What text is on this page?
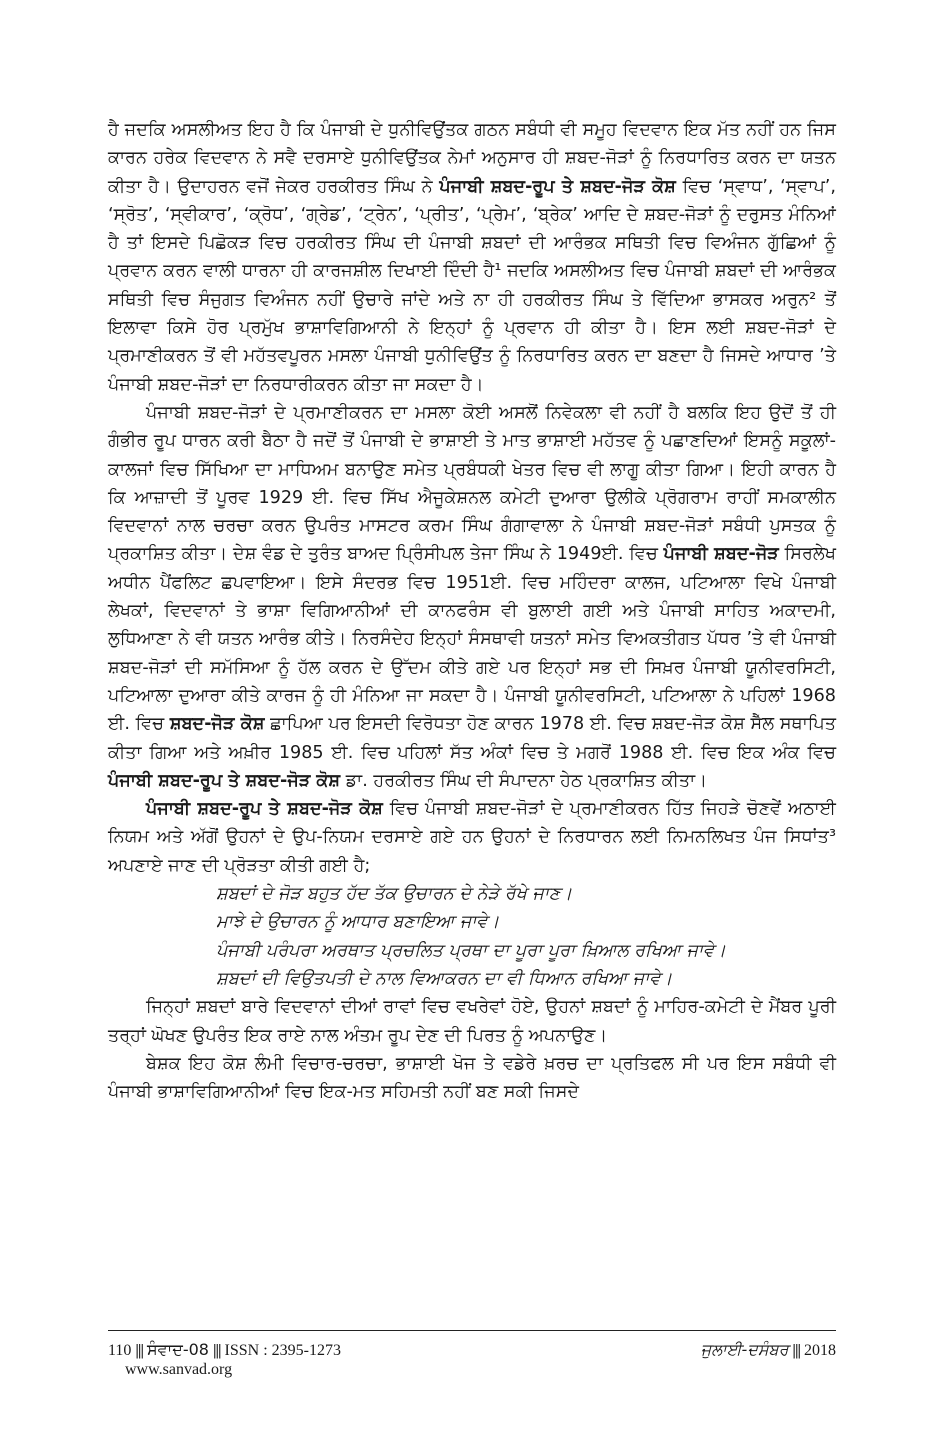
ਹੈ ਜਦਕਿ ਅਸਲੀਅਤ ਇਹ ਹੈ ਕਿ ਪੰਜਾਬੀ ਦੇ ਧੁਨੀਵਿਉਂਤਕ ਗਠਨ ਸਬੰਧੀ ਵੀ ਸਮੂਹ ਵਿਦਵਾਨ ਇਕ ਮੱਤ ਨਹੀਂ ਹਨ ਜਿਸ ਕਾਰਨ ਹਰੇਕ ਵਿਦਵਾਨ ਨੇ ਸਵੈ ਦਰਸਾਏ ਧੁਨੀਵਿਉਂਤਕ ਨੇਮਾਂ ਅਨੁਸਾਰ ਹੀ ਸ਼ਬਦ-ਜੋੜਾਂ ਨੂੰ ਨਿਰਧਾਰਿਤ ਕਰਨ ਦਾ ਯਤਨ ਕੀਤਾ ਹੈ। ਉਦਾਹਰਨ ਵਜੋਂ ਜੇਕਰ ਹਰਕੀਰਤ ਸਿੰਘ ਨੇ ਪੰਜਾਬੀ ਸ਼ਬਦ-ਰੂਪ ਤੇ ਸ਼ਬਦ-ਜੋੜ ਕੋਸ਼ ਵਿਚ ‘ਸ੍ਵਾਧ’, ‘ਸ੍ਵਾਪ’, ‘ਸ੍ਰੋਤ’, ‘ਸ੍ਵੀਕਾਰ’, ‘ਕ੍ਰੋਧ’, ‘ਗ੍ਰੇਡ’, ‘ਟ੍ਰੇਨ’, ‘ਪ੍ਰੀਤ’, ‘ਪ੍ਰੇਮ’, ‘ਬ੍ਰੇਕ’ ਆਦਿ ਦੇ ਸ਼ਬਦ-ਜੋੜਾਂ ਨੂੰ ਦਰੁਸਤ ਮੰਨਿਆਂ ਹੈ ਤਾਂ ਇਸਦੇ ਪਿਛੋਕੜ ਵਿਚ ਹਰਕੀਰਤ ਸਿੰਘ ਦੀ ਪੰਜਾਬੀ ਸ਼ਬਦਾਂ ਦੀ ਆਰੰਭਕ ਸਥਿਤੀ ਵਿਚ ਵਿਅੰਜਨ ਗੁੱਛਿਆਂ ਨੂੰ ਪ੍ਰਵਾਨ ਕਰਨ ਵਾਲੀ ਧਾਰਨਾ ਹੀ ਕਾਰਜਸ਼ੀਲ ਦਿਖਾਈ ਦਿੰਦੀ ਹੈ¹ ਜਦਕਿ ਅਸਲੀਅਤ ਵਿਚ ਪੰਜਾਬੀ ਸ਼ਬਦਾਂ ਦੀ ਆਰੰਭਕ ਸਥਿਤੀ ਵਿਚ ਸੰਜੁਗਤ ਵਿਅੰਜਨ ਨਹੀਂ ਉਚਾਰੇ ਜਾਂਦੇ ਅਤੇ ਨਾ ਹੀ ਹਰਕੀਰਤ ਸਿੰਘ ਤੇ ਵਿੱਦਿਆ ਭਾਸਕਰ ਅਰੁਨ² ਤੋਂ ਇਲਾਵਾ ਕਿਸੇ ਹੋਰ ਪ੍ਰਮੁੱਖ ਭਾਸ਼ਾਵਿਗਿਆਨੀ ਨੇ ਇਨ੍ਹਾਂ ਨੂੰ ਪ੍ਰਵਾਨ ਹੀ ਕੀਤਾ ਹੈ। ਇਸ ਲਈ ਸ਼ਬਦ-ਜੋੜਾਂ ਦੇ ਪ੍ਰਮਾਣੀਕਰਨ ਤੋਂ ਵੀ ਮਹੱਤਵਪੂਰਨ ਮਸਲਾ ਪੰਜਾਬੀ ਧੁਨੀਵਿਉਂਤ ਨੂੰ ਨਿਰਧਾਰਿਤ ਕਰਨ ਦਾ ਬਣਦਾ ਹੈ ਜਿਸਦੇ ਆਧਾਰ ’ਤੇ ਪੰਜਾਬੀ ਸ਼ਬਦ-ਜੋੜਾਂ ਦਾ ਨਿਰਧਾਰੀਕਰਨ ਕੀਤਾ ਜਾ ਸਕਦਾ ਹੈ।

ਪੰਜਾਬੀ ਸ਼ਬਦ-ਜੋੜਾਂ ਦੇ ਪ੍ਰਮਾਣੀਕਰਨ ਦਾ ਮਸਲਾ ਕੋਈ ਅਸਲੋਂ ਨਿਵੇਕਲਾ ਵੀ ਨਹੀਂ ਹੈ ਬਲਕਿ ਇਹ ਉਦੋਂ ਤੋਂ ਹੀ ਗੰਭੀਰ ਰੂਪ ਧਾਰਨ ਕਰੀ ਬੈਠਾ ਹੈ ਜਦੋਂ ਤੋਂ ਪੰਜਾਬੀ ਦੇ ਭਾਸ਼ਾਈ ਤੇ ਮਾਤ ਭਾਸ਼ਾਈ ਮਹੱਤਵ ਨੂੰ ਪਛਾਣਦਿਆਂ ਇਸਨੂੰ ਸਕੂਲਾਂ-ਕਾਲਜਾਂ ਵਿਚ ਸਿੱਖਿਆ ਦਾ ਮਾਧਿਅਮ ਬਨਾਉਣ ਸਮੇਤ ਪ੍ਰਬੰਧਕੀ ਖੇਤਰ ਵਿਚ ਵੀ ਲਾਗੂ ਕੀਤਾ ਗਿਆ। ਇਹੀ ਕਾਰਨ ਹੈ ਕਿ ਆਜ਼ਾਦੀ ਤੋਂ ਪੂਰਵ 1929 ਈ. ਵਿਚ ਸਿੱਖ ਐਜੂਕੇਸ਼ਨਲ ਕਮੇਟੀ ਦੁਆਰਾ ਉਲੀਕੇ ਪ੍ਰੋਗਰਾਮ ਰਾਹੀਂ ਸਮਕਾਲੀਨ ਵਿਦਵਾਨਾਂ ਨਾਲ ਚਰਚਾ ਕਰਨ ਉਪਰੰਤ ਮਾਸਟਰ ਕਰਮ ਸਿੰਘ ਗੰਗਾਵਾਲਾ ਨੇ ਪੰਜਾਬੀ ਸ਼ਬਦ-ਜੋੜਾਂ ਸਬੰਧੀ ਪੁਸਤਕ ਨੂੰ ਪ੍ਰਕਾਸ਼ਿਤ ਕੀਤਾ। ਦੇਸ਼ ਵੰਡ ਦੇ ਤੁਰੰਤ ਬਾਅਦ ਪ੍ਰਿੰਸੀਪਲ ਤੇਜਾ ਸਿੰਘ ਨੇ 1949ਈ. ਵਿਚ ਪੰਜਾਬੀ ਸ਼ਬਦ-ਜੋੜ ਸਿਰਲੇਖ ਅਧੀਨ ਪੈਂਫਲਿਟ ਛਪਵਾਇਆ। ਇਸੇ ਸੰਦਰਭ ਵਿਚ 1951ਈ. ਵਿਚ ਮਹਿੰਦਰਾ ਕਾਲਜ, ਪਟਿਆਲਾ ਵਿਖੇ ਪੰਜਾਬੀ ਲੇਖਕਾਂ, ਵਿਦਵਾਨਾਂ ਤੇ ਭਾਸ਼ਾ ਵਿਗਿਆਨੀਆਂ ਦੀ ਕਾਨਫਰੰਸ ਵੀ ਬੁਲਾਈ ਗਈ ਅਤੇ ਪੰਜਾਬੀ ਸਾਹਿਤ ਅਕਾਦਮੀ, ਲੁਧਿਆਣਾ ਨੇ ਵੀ ਯਤਨ ਆਰੰਭ ਕੀਤੇ। ਨਿਰਸੰਦੇਹ ਇਨ੍ਹਾਂ ਸੰਸਥਾਵੀ ਯਤਨਾਂ ਸਮੇਤ ਵਿਅਕਤੀਗਤ ਪੱਧਰ ’ਤੇ ਵੀ ਪੰਜਾਬੀ ਸ਼ਬਦ-ਜੋੜਾਂ ਦੀ ਸਮੱਸਿਆ ਨੂੰ ਹੱਲ ਕਰਨ ਦੇ ਉੱਦਮ ਕੀਤੇ ਗਏ ਪਰ ਇਨ੍ਹਾਂ ਸਭ ਦੀ ਸਿਖ਼ਰ ਪੰਜਾਬੀ ਯੂਨੀਵਰਸਿਟੀ, ਪਟਿਆਲਾ ਦੁਆਰਾ ਕੀਤੇ ਕਾਰਜ ਨੂੰ ਹੀ ਮੰਨਿਆ ਜਾ ਸਕਦਾ ਹੈ। ਪੰਜਾਬੀ ਯੂਨੀਵਰਸਿਟੀ, ਪਟਿਆਲਾ ਨੇ ਪਹਿਲਾਂ 1968 ਈ. ਵਿਚ ਸ਼ਬਦ-ਜੋੜ ਕੋਸ਼ ਛਾਪਿਆ ਪਰ ਇਸਦੀ ਵਿਰੋਧਤਾ ਹੋਣ ਕਾਰਨ 1978 ਈ. ਵਿਚ ਸ਼ਬਦ-ਜੋੜ ਕੋਸ਼ ਸੈੱਲ ਸਥਾਪਿਤ ਕੀਤਾ ਗਿਆ ਅਤੇ ਅਖ਼ੀਰ 1985 ਈ. ਵਿਚ ਪਹਿਲਾਂ ਸੱਤ ਅੰਕਾਂ ਵਿਚ ਤੇ ਮਗਰੋਂ 1988 ਈ. ਵਿਚ ਇਕ ਅੰਕ ਵਿਚ ਪੰਜਾਬੀ ਸ਼ਬਦ-ਰੂਪ ਤੇ ਸ਼ਬਦ-ਜੋੜ ਕੋਸ਼ ਡਾ. ਹਰਕੀਰਤ ਸਿੰਘ ਦੀ ਸੰਪਾਦਨਾ ਹੇਠ ਪ੍ਰਕਾਸ਼ਿਤ ਕੀਤਾ।

ਪੰਜਾਬੀ ਸ਼ਬਦ-ਰੂਪ ਤੇ ਸ਼ਬਦ-ਜੋੜ ਕੋਸ਼ ਵਿਚ ਪੰਜਾਬੀ ਸ਼ਬਦ-ਜੋੜਾਂ ਦੇ ਪ੍ਰਮਾਣੀਕਰਨ ਹਿੱਤ ਜਿਹੜੇ ਚੋਣਵੇਂ ਅਠਾਈ ਨਿਯਮ ਅਤੇ ਅੱਗੋਂ ਉਹਨਾਂ ਦੇ ਉਪ-ਨਿਯਮ ਦਰਸਾਏ ਗਏ ਹਨ ਉਹਨਾਂ ਦੇ ਨਿਰਧਾਰਨ ਲਈ ਨਿਮਨਲਿਖਤ ਪੰਜ ਸਿਧਾਂਤ³ ਅਪਣਾਏ ਜਾਣ ਦੀ ਪ੍ਰੋੜਤਾ ਕੀਤੀ ਗਈ ਹੈ;

ਸ਼ਬਦਾਂ ਦੇ ਜੋੜ ਬਹੁਤ ਹੱਦ ਤੱਕ ਉਚਾਰਨ ਦੇ ਨੇੜੇ ਰੱਖੇ ਜਾਣ।
ਮਾਝੇ ਦੇ ਉਚਾਰਨ ਨੂੰ ਆਧਾਰ ਬਣਾਇਆ ਜਾਵੇ।
ਪੰਜਾਬੀ ਪਰੰਪਰਾ ਅਰਥਾਤ ਪ੍ਰਚਲਿਤ ਪ੍ਰਥਾ ਦਾ ਪੂਰਾ ਪੂਰਾ ਖ਼ਿਆਲ ਰਖਿਆ ਜਾਵੇ।
ਸ਼ਬਦਾਂ ਦੀ ਵਿਉਤਪਤੀ ਦੇ ਨਾਲ ਵਿਆਕਰਨ ਦਾ ਵੀ ਧਿਆਨ ਰਖਿਆ ਜਾਵੇ।

ਜਿਨ੍ਹਾਂ ਸ਼ਬਦਾਂ ਬਾਰੇ ਵਿਦਵਾਨਾਂ ਦੀਆਂ ਰਾਵਾਂ ਵਿਚ ਵਖਰੇਵਾਂ ਹੋਏ, ਉਹਨਾਂ ਸ਼ਬਦਾਂ ਨੂੰ ਮਾਹਿਰ-ਕਮੇਟੀ ਦੇ ਮੈਂਬਰ ਪੂਰੀ ਤਰ੍ਹਾਂ ਘੋਖਣ ਉਪਰੰਤ ਇਕ ਰਾਏ ਨਾਲ ਅੰਤਮ ਰੂਪ ਦੇਣ ਦੀ ਪਿਰਤ ਨੂੰ ਅਪਨਾਉਣ।

ਬੇਸ਼ਕ ਇਹ ਕੋਸ਼ ਲੰਮੀ ਵਿਚਾਰ-ਚਰਚਾ, ਭਾਸ਼ਾਈ ਖੋਜ ਤੇ ਵਡੇਰੇ ਖ਼ਰਚ ਦਾ ਪ੍ਰਤਿਫਲ ਸੀ ਪਰ ਇਸ ਸਬੰਧੀ ਵੀ ਪੰਜਾਬੀ ਭਾਸ਼ਾਵਿਗਿਆਨੀਆਂ ਵਿਚ ਇਕ-ਮਤ ਸਹਿਮਤੀ ਨਹੀਂ ਬਣ ਸਕੀ ਜਿਸਦੇ

110 ||| ਸੰਵਾਦ-08 ||| ISSN : 2395-1273
www.sanvad.org
ਜੁਲਾਈ-ਦਸੰਬਰ ||| 2018
